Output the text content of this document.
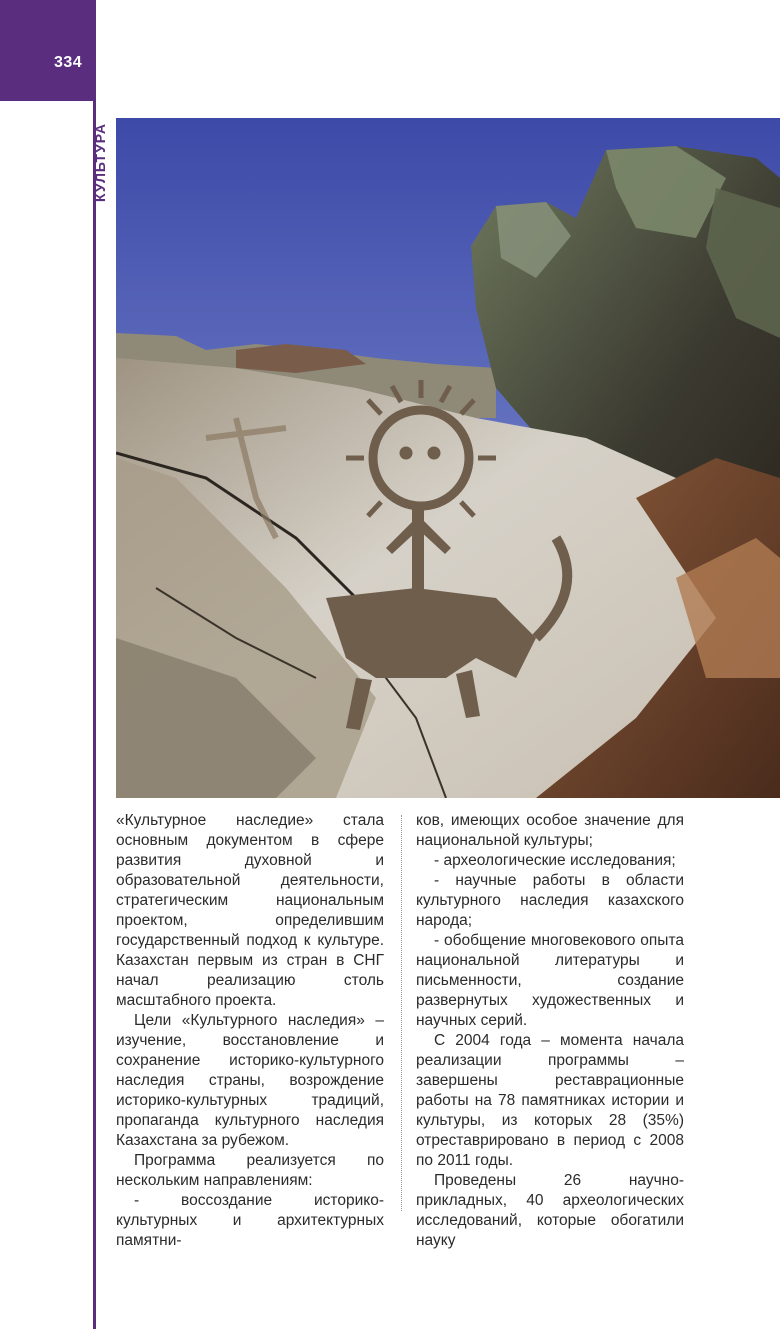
334
КУЛЬТУРА

«Культурное наследие» стала основным документом в сфере развития духовной и образовательной деятельности, стратегическим национальным проектом, определившим государственный подход к культуре. Казахстан первым из стран в СНГ начал реализацию столь масштабного проекта.

Цели «Культурного наследия» – изучение, восстановление и сохранение историко-культурного наследия страны, возрождение историко-культурных традиций, пропаганда культурного наследия Казахстана за рубежом.

Программа реализуется по нескольким направлениям:

- воссоздание историко-культурных и архитектурных памятни-

ков, имеющих особое значение для национальной культуры;

- археологические исследования;

- научные работы в области культурного наследия казахского народа;

- обобщение многовекового опыта национальной литературы и письменности, создание развернутых художественных и научных серий.

С 2004 года – момента начала реализации программы – завершены реставрационные работы на 78 памятниках истории и культуры, из которых 28 (35%) отреставрировано в период с 2008 по 2011 годы.

Проведены 26 научно-прикладных, 40 археологических исследований, которые обогатили науку
